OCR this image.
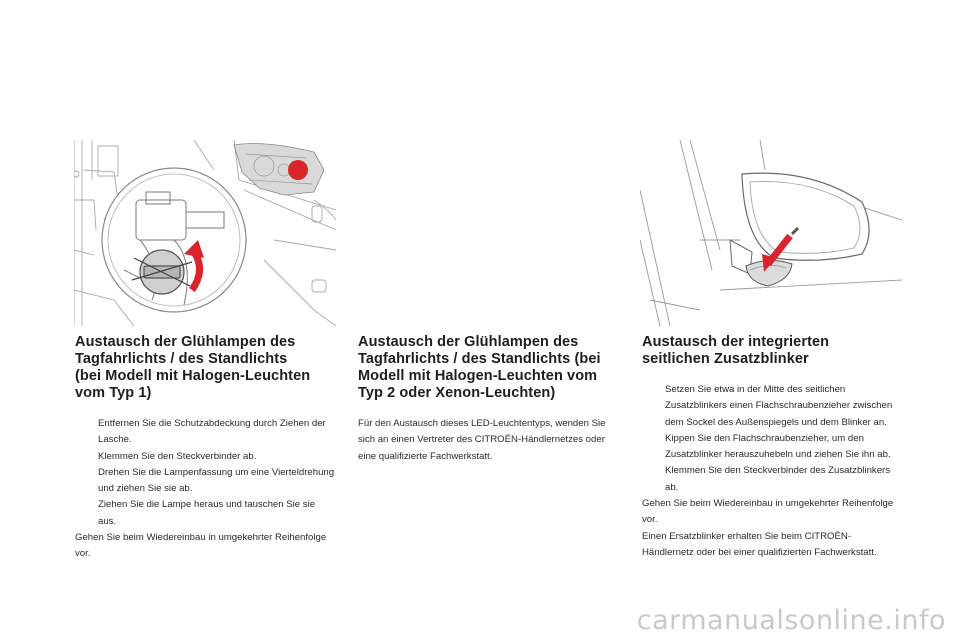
Austausch der Glühlampen des
Tagfahrlichts / des Standlichts
(bei Modell mit Halogen-Leuchten
vom Typ 1)
Entfernen Sie die Schutzabdeckung durch Ziehen der Lasche.
Klemmen Sie den Steckverbinder ab.
Drehen Sie die Lampenfassung um eine Vierteldrehung und ziehen Sie sie ab.
Ziehen Sie die Lampe heraus und tauschen Sie sie aus.

Gehen Sie beim Wiedereinbau in umgekehrter Reihenfolge vor.

Austausch der Glühlampen des
Tagfahrlichts / des Standlichts (bei
Modell mit Halogen-Leuchten vom
Typ 2 oder Xenon-Leuchten)

Für den Austausch dieses LED-Leuchtentyps, wenden Sie sich an einen Vertreter des CITROËN-Händlernetzes oder eine qualifizierte Fachwerkstatt.

Austausch der integrierten
seitlichen Zusatzblinker
Setzen Sie etwa in der Mitte des seitlichen Zusatzblinkers einen Flachschraubenzieher zwischen dem Sockel des Außenspiegels und dem Blinker an.
Kippen Sie den Flachschraubenzieher, um den Zusatzblinker herauszuhebeln und ziehen Sie ihn ab.
Klemmen Sie den Steckverbinder des Zusatzblinkers ab.

Gehen Sie beim Wiedereinbau in umgekehrter Reihenfolge vor.

Einen Ersatzblinker erhalten Sie beim CITROËN-Händlernetz oder bei einer qualifizierten Fachwerkstatt.

carmanualsonline.info
